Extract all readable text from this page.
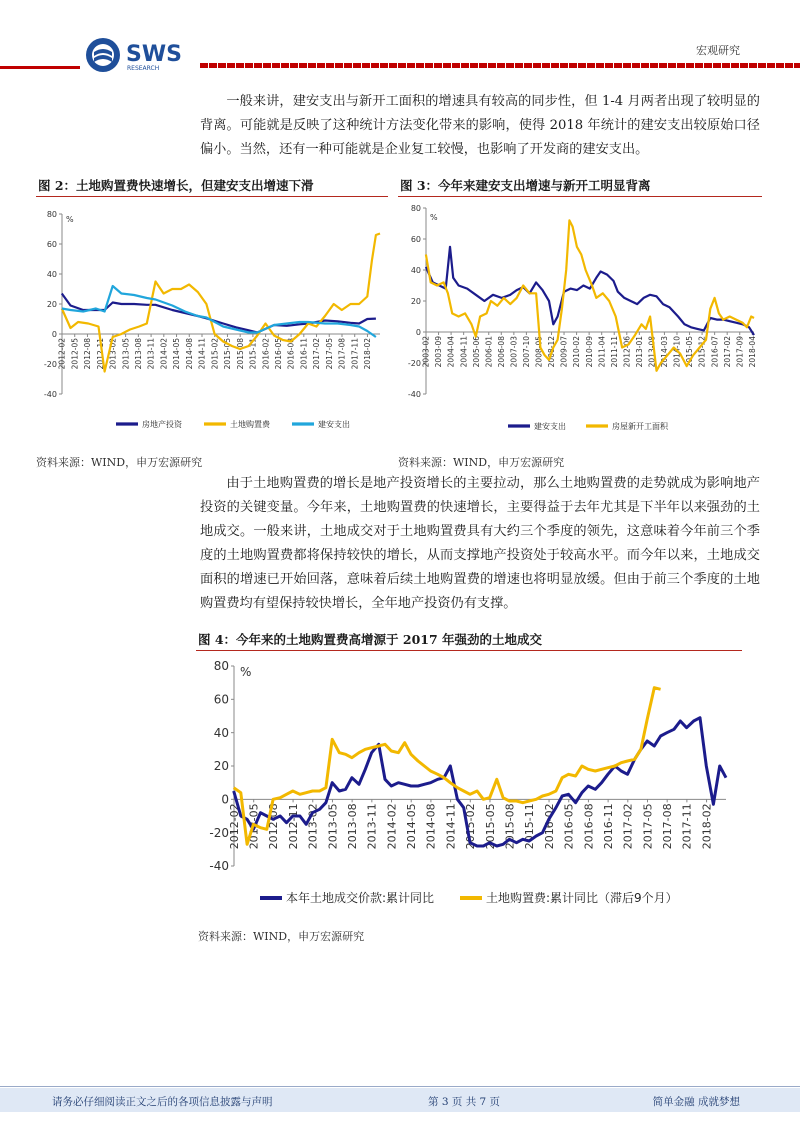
SWS
RESEARCH
宏观研究
一般来讲，建安支出与新开工面积的增速具有较高的同步性，但 1-4 月两者出现了较明显的背离。可能就是反映了这种统计方法变化带来的影响，使得 2018 年统计的建安支出较原始口径偏小。当然，还有一种可能就是企业复工较慢，也影响了开发商的建安支出。
图 2：土地购置费快速增长，但建安支出增速下滑
-40
-20
0
20
40
60
80
%
2012-02 2012-05 2012-08 2012-11 2013-02 2013-05 2013-08 2013-11 2014-02 2014-05 2014-08 2014-11 2015-02 2015-05 2015-08 2015-11 2016-02 2016-05 2016-08 2016-11 2017-02 2017-05 2017-08 2017-11 2018-02
房地产投资	土地购置费	建安支出
资料来源：WIND，申万宏源研究
图 3：今年来建安支出增速与新开工明显背离
-40
-20
0
20
40
60
80
%
2003-02 2003-09 2004-04 2004-11 2005-06 2006-01 2006-08 2007-03 2007-10 2008-05 2008-12 2009-07 2010-02 2010-09 2011-04 2011-11 2012-06 2013-01 2013-08 2014-03 2014-10 2015-05 2015-12 2016-07 2017-02 2017-09 2018-04
建安支出	房屋新开工面积
资料来源：WIND，申万宏源研究
由于土地购置费的增长是地产投资增长的主要拉动，那么土地购置费的走势就成为影响地产投资的关键变量。今年来，土地购置费的快速增长，主要得益于去年尤其是下半年以来强劲的土地成交。一般来讲，土地成交对于土地购置费具有大约三个季度的领先，这意味着今年前三个季度的土地购置费都将保持较快的增长，从而支撑地产投资处于较高水平。而今年以来，土地成交面积的增速已开始回落，意味着后续土地购置费的增速也将明显放缓。但由于前三个季度的土地购置费均有望保持较快增长，全年地产投资仍有支撑。
图 4：今年来的土地购置费高增源于 2017 年强劲的土地成交
-40
-20
0
20
40
60
80 %
2012-02 2012-05 2012-08 2012-11 2013-02 2013-05 2013-08 2013-11 2014-02 2014-05 2014-08 2014-11 2015-02 2015-05 2015-08 2015-11 2016-02 2016-05 2016-08 2016-11 2017-02 2017-05 2017-08 2017-11 2018-02
本年土地成交价款:累计同比	土地购置费:累计同比（滞后9个月）
资料来源：WIND，申万宏源研究
请务必仔细阅读正文之后的各项信息披露与声明	第 3 页 共 7 页	简单金融 成就梦想
